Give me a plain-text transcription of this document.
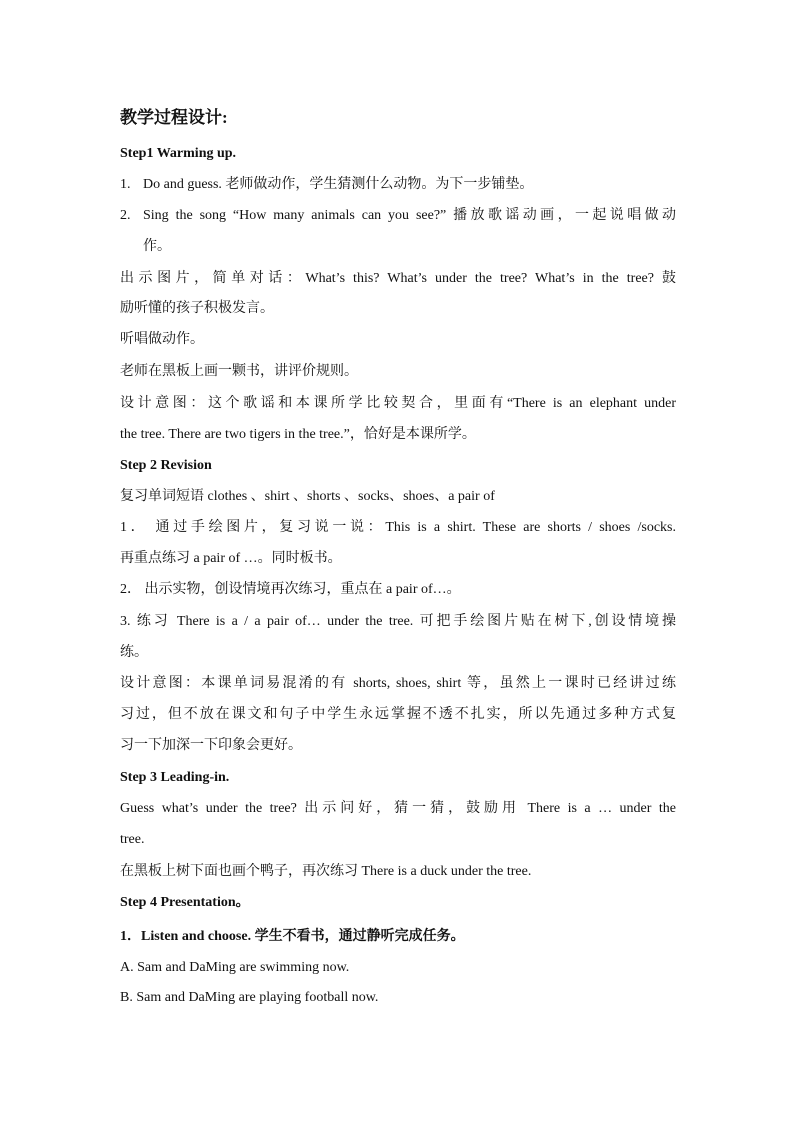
教学过程设计:
Step1 Warming up.
1. Do and guess. 老师做动作，学生猜测什么动物。为下一步铺垫。
2. Sing the song “How many animals can you see?” 播放歌谣动画，一起说唱做动
作。
出示图片，简单对话：What’s this? What’s under the tree? What’s in the tree? 鼓
励听懂的孩子积极发言。
听唱做动作。
老师在黑板上画一颗书，讲评价规则。
设计意图：这个歌谣和本课所学比较契合，里面有“There is an elephant under
the tree. There are two tigers in the tree.”，恰好是本课所学。
Step 2 Revision
复习单词短语 clothes 、shirt 、shorts 、socks、shoes、a pair of
1． 通过手绘图片，复习说一说：This is a shirt. These are shorts / shoes /socks.
再重点练习 a pair of …。同时板书。
2． 出示实物，创设情境再次练习，重点在 a pair of…。
3. 练习 There is a / a pair of… under the tree. 可把手绘图片贴在树下,创设情境操
练。
设计意图：本课单词易混淆的有 shorts, shoes, shirt 等，虽然上一课时已经讲过练
习过，但不放在课文和句子中学生永远掌握不透不扎实，所以先通过多种方式复
习一下加深一下印象会更好。
Step 3 Leading-in.
Guess what’s under the tree? 出示问好，猜一猜，鼓励用 There is a … under the
tree.
在黑板上树下面也画个鸭子，再次练习 There is a duck under the tree.
Step 4 Presentation。
1．Listen and choose. 学生不看书，通过静听完成任务。
A. Sam and DaMing are swimming now.
B. Sam and DaMing are playing football now.
